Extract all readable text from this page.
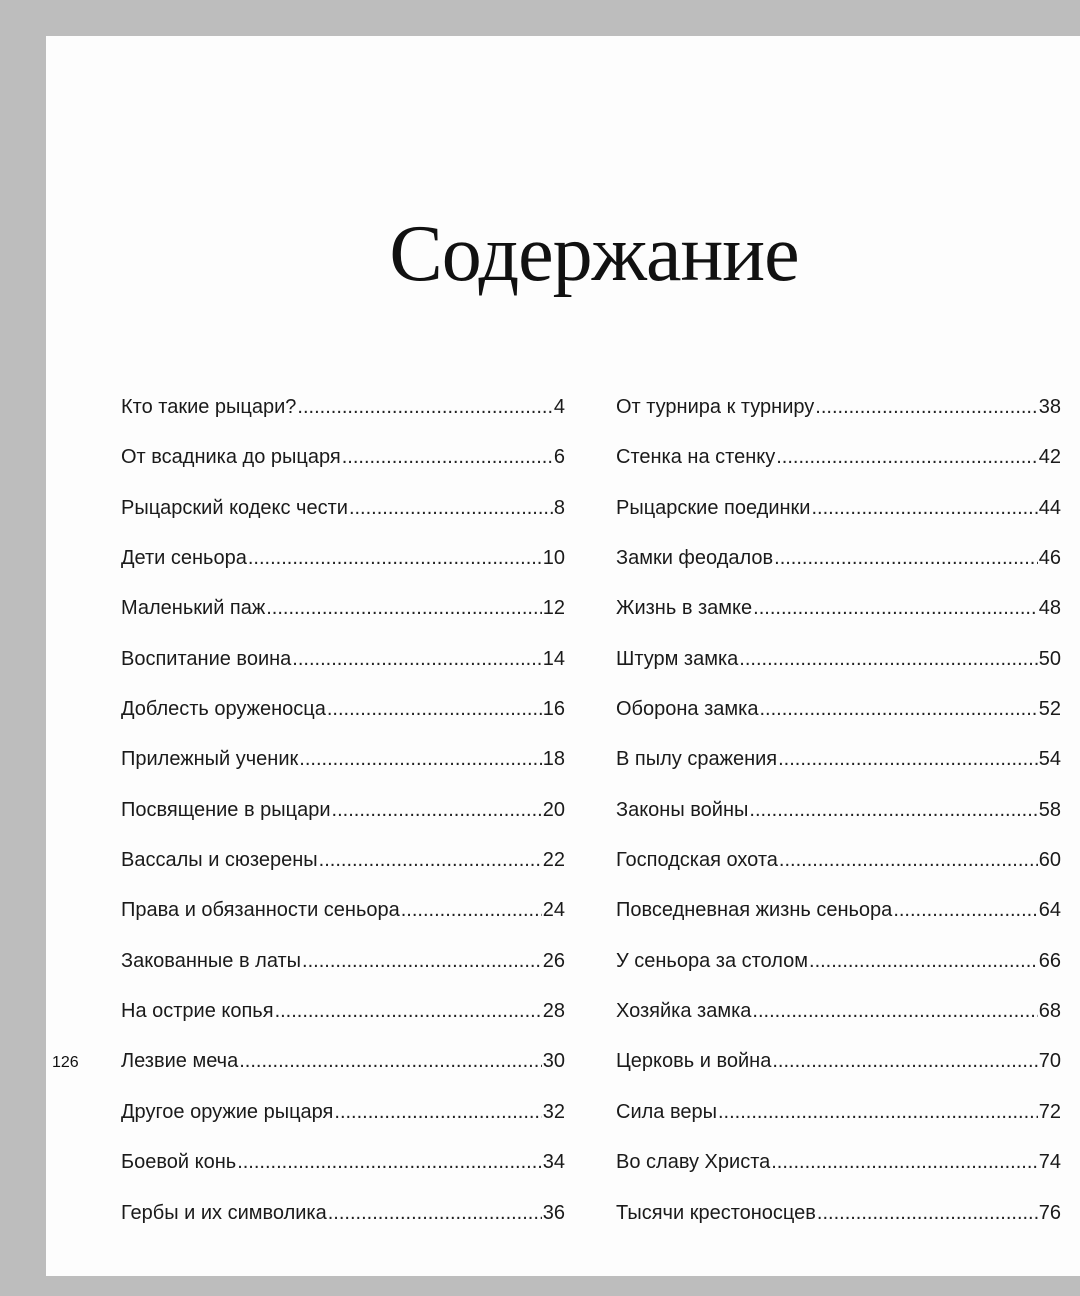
Содержание
Кто такие рыцари? .....	4
От всадника до рыцаря .....	6
Рыцарский кодекс чести .....	8
Дети сеньора .....	10
Маленький паж .....	12
Воспитание воина .....	14
Доблесть оруженосца .....	16
Прилежный ученик .....	18
Посвящение в рыцари .....	20
Вассалы и сюзерены .....	22
Права и обязанности сеньора .....	24
Закованные в латы .....	26
На острие копья .....	28
Лезвие меча .....	30
Другое оружие рыцаря .....	32
Боевой конь .....	34
Гербы и их символика .....	36
От турнира к турниру .....	38
Стенка на стенку .....	42
Рыцарские поединки .....	44
Замки феодалов .....	46
Жизнь в замке .....	48
Штурм замка .....	50
Оборона замка .....	52
В пылу сражения .....	54
Законы войны .....	58
Господская охота .....	60
Повседневная жизнь сеньора .....	64
У сеньора за столом .....	66
Хозяйка замка .....	68
Церковь и война .....	70
Сила веры .....	72
Во славу Христа .....	74
Тысячи крестоносцев .....	76
126
